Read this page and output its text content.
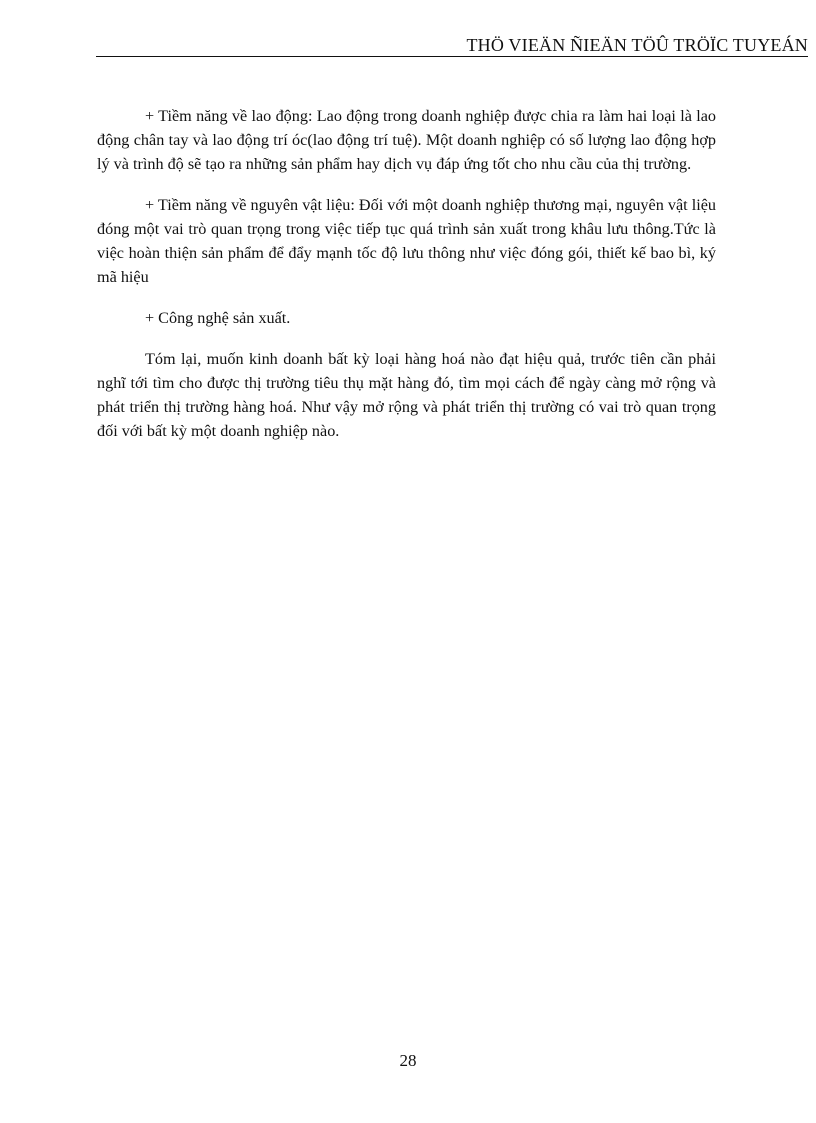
THÖ VIEÄN ÑIEÄN TÖÛ TRÖÏC TUYEÁN

+ Tiềm năng về lao động: Lao động trong doanh nghiệp được chia ra làm hai loại là lao động chân tay và lao động trí óc(lao động trí tuệ). Một doanh nghiệp có số lượng lao động hợp lý và trình độ sẽ tạo ra những sản phẩm hay dịch vụ đáp ứng tốt cho nhu cầu của thị trường.

+ Tiềm năng về nguyên vật liệu: Đối với một doanh nghiệp thương mại, nguyên vật liệu đóng một vai trò quan trọng trong việc tiếp tục quá trình sản xuất trong khâu lưu thông.Tức là việc hoàn thiện sản phẩm để đẩy mạnh tốc độ lưu thông như việc đóng gói, thiết kế bao bì, ký mã hiệu

+ Công nghệ sản xuất.

Tóm lại, muốn kinh doanh bất kỳ loại hàng hoá nào đạt hiệu quả, trước tiên cần phải nghĩ tới tìm cho được thị trường tiêu thụ mặt hàng đó, tìm mọi cách để ngày càng mở rộng và phát triển thị trường hàng hoá. Như vậy mở rộng và phát triển thị trường có vai trò quan trọng đối với bất kỳ một doanh nghiệp nào.

28
